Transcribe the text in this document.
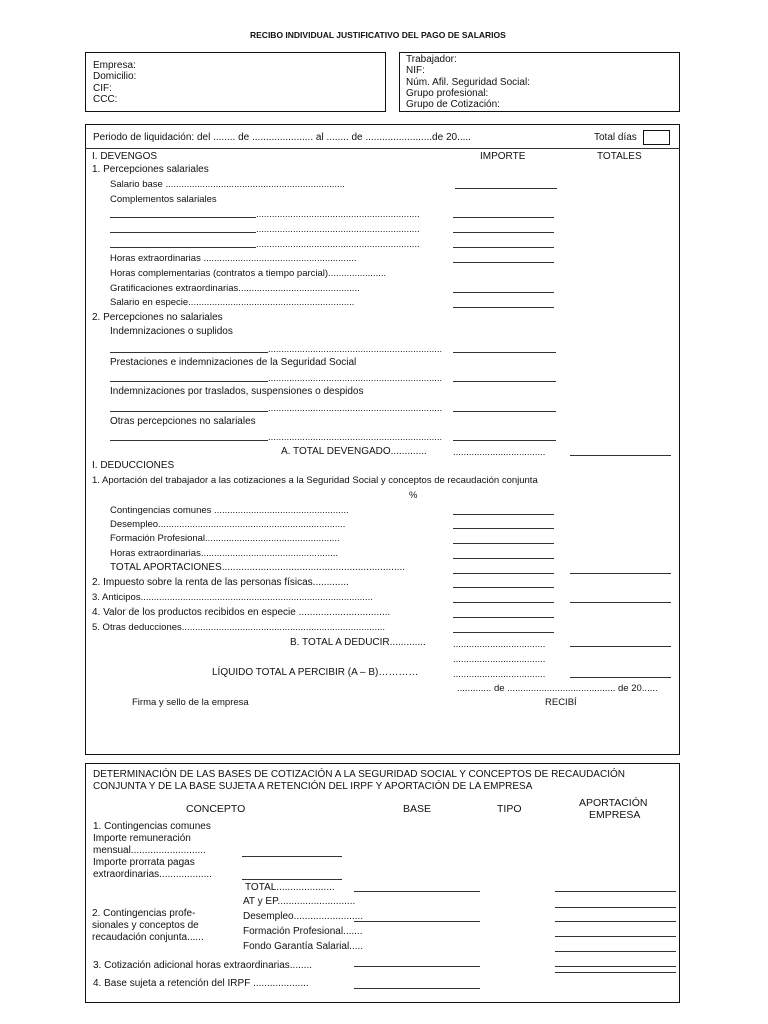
RECIBO INDIVIDUAL JUSTIFICATIVO DEL PAGO DE SALARIOS
Empresa:
Domicilio:
CIF:
CCC:
Trabajador:
NIF:
Núm. Afil. Seguridad Social:
Grupo profesional:
Grupo de Cotización:
Periodo de liquidación: del ........ de ...................... al ........ de ........................de 20.....	Total días
I. DEVENGOS	IMPORTE	TOTALES
1. Percepciones salariales
Salario base ....................................................................
Complementos salariales
..............................................................
..............................................................
..............................................................
Horas extraordinarias ..........................................................
Horas complementarias (contratos a tiempo parcial)......................
Gratificaciones extraordinarias..............................................
Salario en especie...............................................................
2. Percepciones no salariales
Indemnizaciones o suplidos
..................................................................
Prestaciones e indemnizaciones de la Seguridad Social
..................................................................
Indemnizaciones por traslados, suspensiones o despidos
..................................................................
Otras percepciones no salariales
..................................................................
A. TOTAL DEVENGADO.............	...................................
I. DEDUCCIONES
1. Aportación del trabajador a las cotizaciones a la Seguridad Social y conceptos de recaudación conjunta
%
Contingencias comunes ...................................................
Desempleo.......................................................................
Formación Profesional...................................................
Horas extraordinarias....................................................
TOTAL APORTACIONES..................................................................
2. Impuesto sobre la renta de las personas físicas.............
3. Anticipos........................................................................................
4. Valor de los productos recibidos en especie .................................
5. Otras deducciones.............................................................................
B. TOTAL A DEDUCIR.............	...................................
...................................
LÍQUIDO TOTAL A PERCIBIR (A – B)…………	...................................
............. de ......................................... de 20......
Firma y sello de la empresa	RECIBÍ
DETERMINACIÓN DE LAS BASES DE COTIZACIÓN A LA SEGURIDAD SOCIAL Y CONCEPTOS DE RECAUDACIÓN
CONJUNTA Y DE LA BASE SUJETA A RETENCIÓN DEL IRPF Y APORTACIÓN DE LA EMPRESA
CONCEPTO	BASE	TIPO	APORTACIÓN
EMPRESA
1. Contingencias comunes
Importe remuneración
mensual...........................
Importe prorrata pagas
extraordinarias...................
TOTAL.....................
AT y EP............................
2. Contingencias profe-
sionales y conceptos de
recaudación conjunta......
Desempleo.........................
Formación Profesional.......
Fondo Garantía Salarial.....
3. Cotización adicional horas extraordinarias........
4. Base sujeta a retención del IRPF ....................
